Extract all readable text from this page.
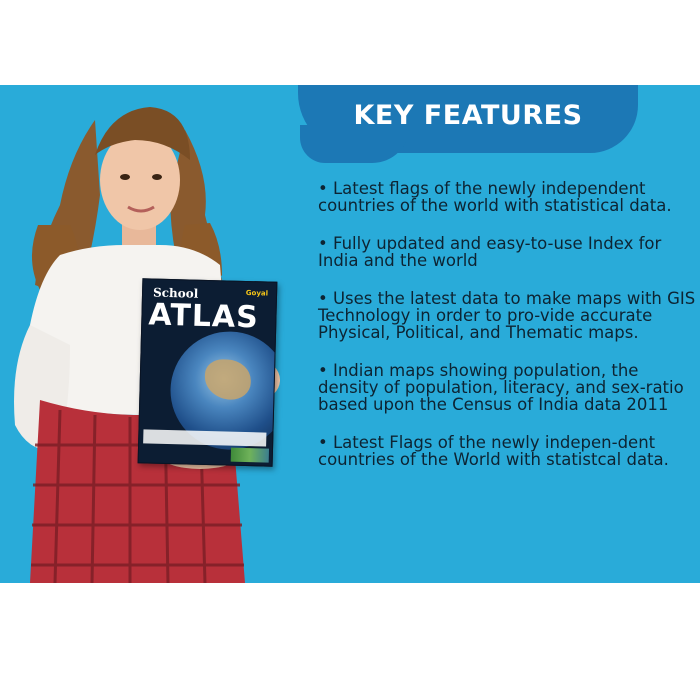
School
ATLAS
Goyal
KEY FEATURES
• Latest flags of the newly independent countries of the world with statistical data.
• Fully updated and easy-to-use Index for India and the world
• Uses the latest data to make maps with GIS Technology in order to pro-vide accurate Physical, Political, and Thematic maps.
• Indian maps showing population, the density of population, literacy, and sex-ratio based upon the Census of India data 2011
• Latest Flags of the newly indepen-dent countries of the World with statistcal data.
